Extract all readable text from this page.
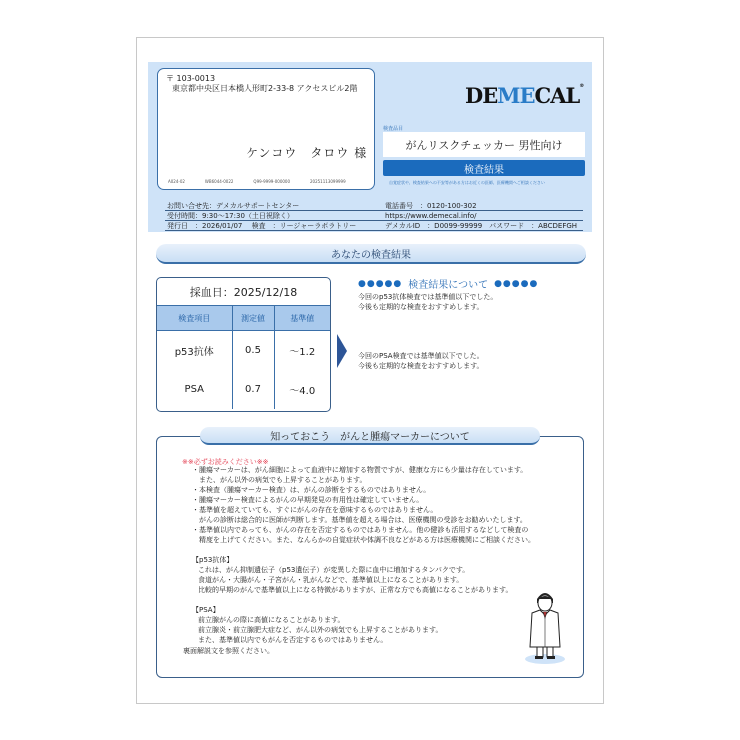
〒 103-0013
東京都中央区日本橋人形町2-33-8 アクセスビル2階
ケンコウ　タロウ 様
A024-02	WB6044-0022	Q99-9999-000000	20251113099999
DEMECAL®
検査品目
がんリスクチェッカー 男性向け
検査結果
自覚症状や、検査結果への不安等がある方はお近くの医師、医療機関へご相談ください
お問い合せ先：デメカルサポートセンター	電話番号　：0120-100-302
受付時間：9:30～17:30（土日祝除く）	https://www.demecal.info/
発行日　：2026/01/07　 検査　：リージャーラボラトリー	デメカルID　：D0099-99999　パスワード　：ABCDEFGH
あなたの検査結果
採血日：2025/12/18
検査項目	測定値	基準値
p53抗体	0.5	～1.2
PSA	0.7	～4.0
●●●●● 検査結果について ●●●●●
今回のp53抗体検査では基準値以下でした。
今後も定期的な検査をおすすめします。
今回のPSA検査では基準値以下でした。
今後も定期的な検査をおすすめします。
知っておこう　がんと腫瘍マーカーについて
※※必ずお読みください※※
・腫瘍マーカーは、がん細胞によって血液中に増加する物質ですが、健康な方にも少量は存在しています。
　また、がん以外の病気でも上昇することがあります。
・本検査（腫瘍マーカー検査）は、がんの診断をするものではありません。
・腫瘍マーカー検査によるがんの早期発見の有用性は確定していません。
・基準値を超えていても、すぐにがんの存在を意味するものではありません。
　がんの診断は総合的に医師が判断します。基準値を超える場合は、医療機関の受診をお勧めいたします。
・基準値以内であっても、がんの存在を否定するものではありません。他の健診も活用するなどして検査の
　精度を上げてください。また、なんらかの自覚症状や体調不良などがある方は医療機関にご相談ください。
【p53抗体】
これは、がん抑制遺伝子（p53遺伝子）が変異した際に血中に増加するタンパクです。
食道がん・大腸がん・子宮がん・乳がんなどで、基準値以上になることがあります。
比較的早期のがんで基準値以上になる特徴がありますが、正常な方でも高値になることがあります。
【PSA】
前立腺がんの際に高値になることがあります。
前立腺炎・前立腺肥大症など、がん以外の病気でも上昇することがあります。
また、基準値以内でもがんを否定するものではありません。
裏面解説文を参照ください。
